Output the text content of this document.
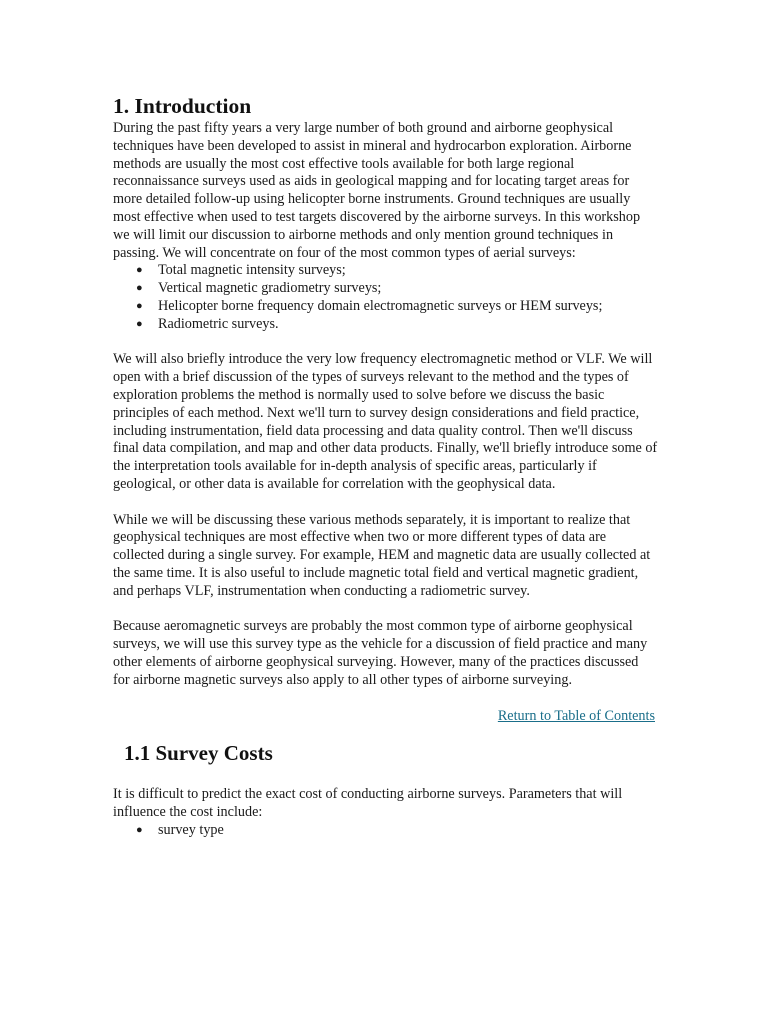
1. Introduction

During the past fifty years a very large number of both ground and airborne geophysical techniques have been developed to assist in mineral and hydrocarbon exploration. Airborne methods are usually the most cost effective tools available for both large regional reconnaissance surveys used as aids in geological mapping and for locating target areas for more detailed follow-up using helicopter borne instruments. Ground techniques are usually most effective when used to test targets discovered by the airborne surveys. In this workshop we will limit our discussion to airborne methods and only mention ground techniques in passing. We will concentrate on four of the most common types of aerial surveys:

● Total magnetic intensity surveys;
● Vertical magnetic gradiometry surveys;
● Helicopter borne frequency domain electromagnetic surveys or HEM surveys;
● Radiometric surveys.

We will also briefly introduce the very low frequency electromagnetic method or VLF. We will open with a brief discussion of the types of surveys relevant to the method and the types of exploration problems the method is normally used to solve before we discuss the basic principles of each method. Next we'll turn to survey design considerations and field practice, including instrumentation, field data processing and data quality control. Then we'll discuss final data compilation, and map and other data products. Finally, we'll briefly introduce some of the interpretation tools available for in-depth analysis of specific areas, particularly if geological, or other data is available for correlation with the geophysical data.

While we will be discussing these various methods separately, it is important to realize that geophysical techniques are most effective when two or more different types of data are collected during a single survey. For example, HEM and magnetic data are usually collected at the same time. It is also useful to include magnetic total field and vertical magnetic gradient, and perhaps VLF, instrumentation when conducting a radiometric survey.

Because aeromagnetic surveys are probably the most common type of airborne geophysical surveys, we will use this survey type as the vehicle for a discussion of field practice and many other elements of airborne geophysical surveying. However, many of the practices discussed for airborne magnetic surveys also apply to all other types of airborne surveying.

Return to Table of Contents
1.1 Survey Costs

It is difficult to predict the exact cost of conducting airborne surveys. Parameters that will influence the cost include:

● survey type
